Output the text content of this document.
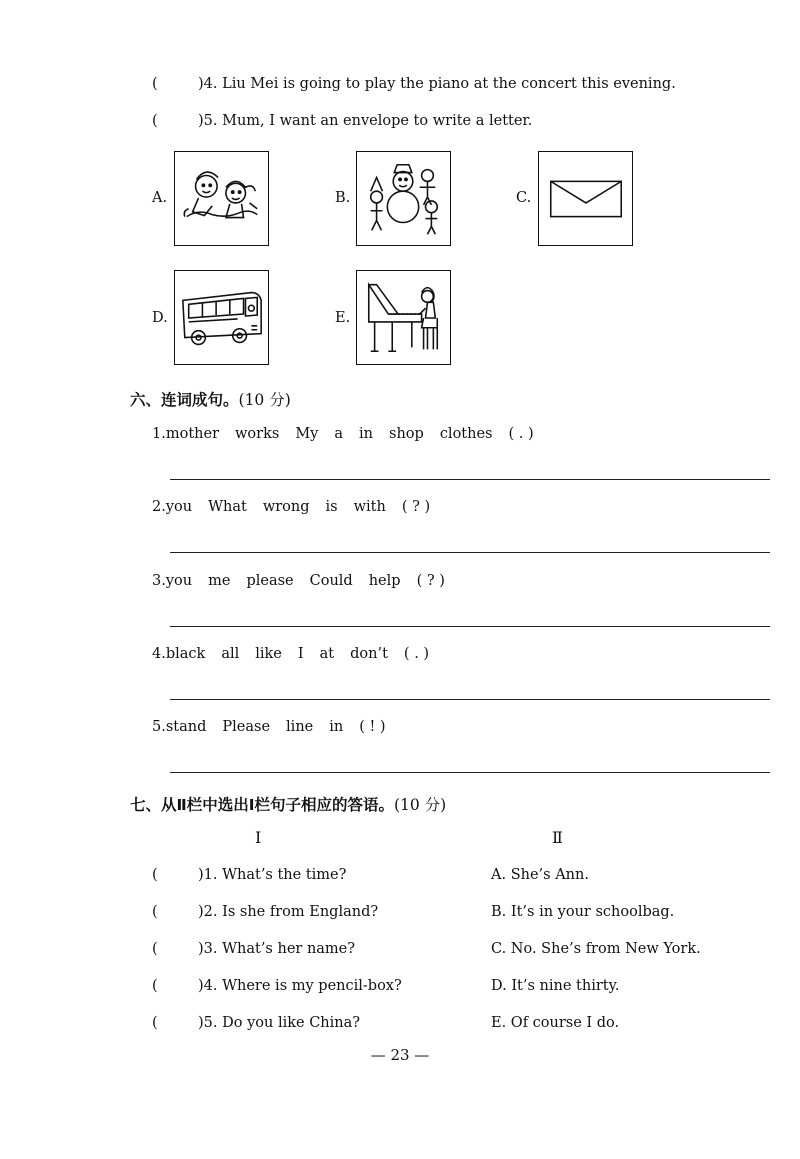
(	)4. Liu Mei is going to play the piano at the concert this evening.
(	)5. Mum, I want an envelope to write a letter.
A.	B.	C.
D.	E.
六、连词成句。(10 分)
1.mother works My a in shop clothes ( . )
2.you What wrong is with ( ? )
3.you me please Could help ( ? )
4.black all like I at don’t ( . )
5.stand Please line in ( ! )
七、从Ⅱ栏中选出Ⅰ栏句子相应的答语。(10 分)
Ⅰ	Ⅱ
(	)1. What’s the time?	A. She’s Ann.
(	)2. Is she from England?	B. It’s in your schoolbag.
(	)3. What’s her name?	C. No. She’s from New York.
(	)4. Where is my pencil-box?	D. It’s nine thirty.
(	)5. Do you like China?	E. Of course I do.
— 23 —
